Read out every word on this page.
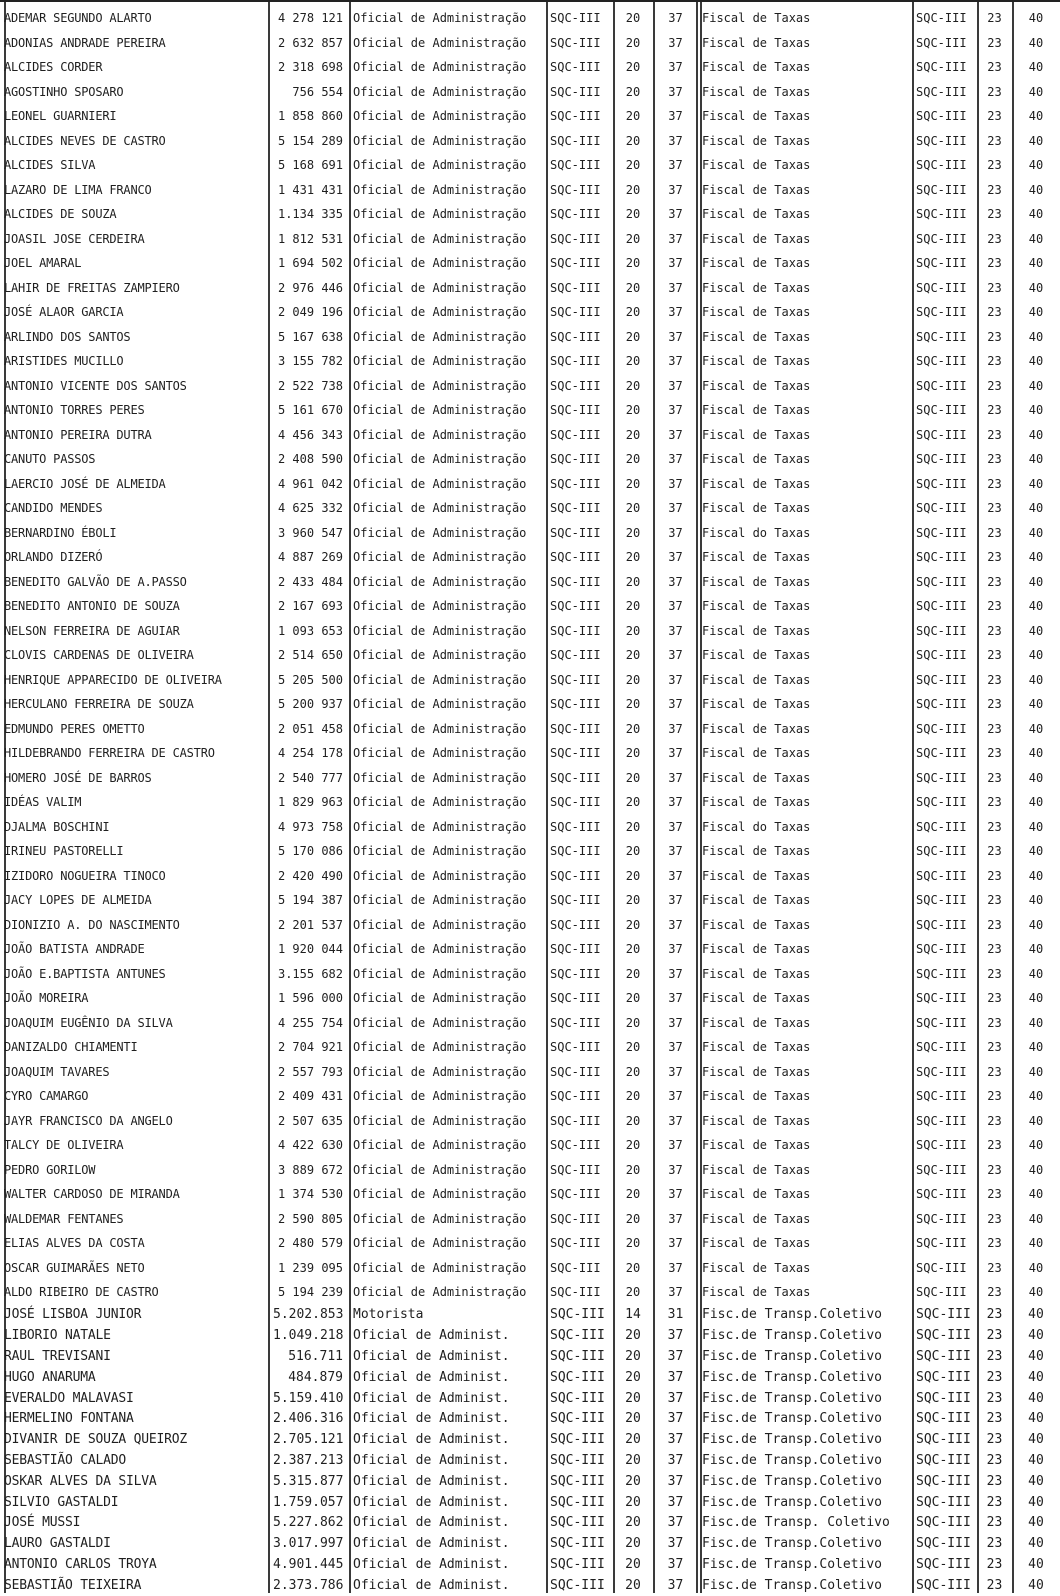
ADEMAR SEGUNDO ALARTO	4 278 121	Oficial de Administração	SQC-III	20	37	Fiscal de Taxas	SQC-III	23	40
ADONIAS ANDRADE PEREIRA	2 632 857	Oficial de Administração	SQC-III	20	37	Fiscal de Taxas	SQC-III	23	40
ALCIDES CORDER	2 318 698	Oficial de Administração	SQC-III	20	37	Fiscal de Taxas	SQC-III	23	40
AGOSTINHO SPOSARO	756 554	Oficial de Administração	SQC-III	20	37	Fiscal de Taxas	SQC-III	23	40
LEONEL GUARNIERI	1 858 860	Oficial de Administração	SQC-III	20	37	Fiscal de Taxas	SQC-III	23	40
ALCIDES NEVES DE CASTRO	5 154 289	Oficial de Administração	SQC-III	20	37	Fiscal de Taxas	SQC-III	23	40
ALCIDES SILVA	5 168 691	Oficial de Administração	SQC-III	20	37	Fiscal de Taxas	SQC-III	23	40
LAZARO DE LIMA FRANCO	1 431 431	Oficial de Administração	SQC-III	20	37	Fiscal de Taxas	SQC-III	23	40
ALCIDES DE SOUZA	1.134 335	Oficial de Administração	SQC-III	20	37	Fiscal de Taxas	SQC-III	23	40
JOASIL JOSE CERDEIRA	1 812 531	Oficial de Administração	SQC-III	20	37	Fiscal de Taxas	SQC-III	23	40
JOEL AMARAL	1 694 502	Oficial de Administração	SQC-III	20	37	Fiscal de Taxas	SQC-III	23	40
LAHIR DE FREITAS ZAMPIERO	2 976 446	Oficial de Administração	SQC-III	20	37	Fiscal de Taxas	SQC-III	23	40
JOSÉ ALAOR GARCIA	2 049 196	Oficial de Administração	SQC-III	20	37	Fiscal de Taxas	SQC-III	23	40
ARLINDO DOS SANTOS	5 167 638	Oficial de Administração	SQC-III	20	37	Fiscal de Taxas	SQC-III	23	40
ARISTIDES MUCILLO	3 155 782	Oficial de Administração	SQC-III	20	37	Fiscal de Taxas	SQC-III	23	40
ANTONIO VICENTE DOS SANTOS	2 522 738	Oficial de Administração	SQC-III	20	37	Fiscal de Taxas	SQC-III	23	40
ANTONIO TORRES PERES	5 161 670	Oficial de Administração	SQC-III	20	37	Fiscal de Taxas	SQC-III	23	40
ANTONIO PEREIRA DUTRA	4 456 343	Oficial de Administração	SQC-III	20	37	Fiscal de Taxas	SQC-III	23	40
CANUTO PASSOS	2 408 590	Oficial de Administração	SQC-III	20	37	Fiscal de Taxas	SQC-III	23	40
LAERCIO JOSÉ DE ALMEIDA	4 961 042	Oficial de Administração	SQC-III	20	37	Fiscal de Taxas	SQC-III	23	40
CANDIDO MENDES	4 625 332	Oficial de Administração	SQC-III	20	37	Fiscal de Taxas	SQC-III	23	40
BERNARDINO ÉBOLI	3 960 547	Oficial de Administração	SQC-III	20	37	Fiscal do Taxas	SQC-III	23	40
ORLANDO DIZERÓ	4 887 269	Oficial de Administração	SQC-III	20	37	Fiscal de Taxas	SQC-III	23	40
BENEDITO GALVÃO DE A.PASSO	2 433 484	Oficial de Administração	SQC-III	20	37	Fiscal de Taxas	SQC-III	23	40
BENEDITO ANTONIO DE SOUZA	2 167 693	Oficial de Administração	SQC-III	20	37	Fiscal de Taxas	SQC-III	23	40
NELSON FERREIRA DE AGUIAR	1 093 653	Oficial de Administração	SQC-III	20	37	Fiscal de Taxas	SQC-III	23	40
CLOVIS CARDENAS DE OLIVEIRA	2 514 650	Oficial de Administração	SQC-III	20	37	Fiscal de Taxas	SQC-III	23	40
HENRIQUE APPARECIDO DE OLIVEIRA	5 205 500	Oficial de Administração	SQC-III	20	37	Fiscal de Taxas	SQC-III	23	40
HERCULANO FERREIRA DE SOUZA	5 200 937	Oficial de Administração	SQC-III	20	37	Fiscal de Taxas	SQC-III	23	40
EDMUNDO PERES OMETTO	2 051 458	Oficial de Administração	SQC-III	20	37	Fiscal de Taxas	SQC-III	23	40
HILDEBRANDO FERREIRA DE CASTRO	4 254 178	Oficial de Administração	SQC-III	20	37	Fiscal de Taxas	SQC-III	23	40
HOMERO JOSÉ DE BARROS	2 540 777	Oficial de Administração	SQC-III	20	37	Fiscal de Taxas	SQC-III	23	40
IDÉAS VALIM	1 829 963	Oficial de Administração	SQC-III	20	37	Fiscal de Taxas	SQC-III	23	40
DJALMA BOSCHINI	4 973 758	Oficial de Administração	SQC-III	20	37	Fiscal do Taxas	SQC-III	23	40
IRINEU PASTORELLI	5 170 086	Oficial de Administração	SQC-III	20	37	Fiscal de Taxas	SQC-III	23	40
IZIDORO NOGUEIRA TINOCO	2 420 490	Oficial de Administração	SQC-III	20	37	Fiscal de Taxas	SQC-III	23	40
JACY LOPES DE ALMEIDA	5 194 387	Oficial de Administração	SQC-III	20	37	Fiscal de Taxas	SQC-III	23	40
DIONIZIO A. DO NASCIMENTO	2 201 537	Oficial de Administração	SQC-III	20	37	Fiscal de Taxas	SQC-III	23	40
JOÃO BATISTA ANDRADE	1 920 044	Oficial de Administração	SQC-III	20	37	Fiscal de Taxas	SQC-III	23	40
JOÃO E.BAPTISTA ANTUNES	3.155 682	Oficial de Administração	SQC-III	20	37	Fiscal de Taxas	SQC-III	23	40
JOÃO MOREIRA	1 596 000	Oficial de Administração	SQC-III	20	37	Fiscal de Taxas	SQC-III	23	40
JOAQUIM EUGÊNIO DA SILVA	4 255 754	Oficial de Administração	SQC-III	20	37	Fiscal de Taxas	SQC-III	23	40
DANIZALDO CHIAMENTI	2 704 921	Oficial de Administração	SQC-III	20	37	Fiscal de Taxas	SQC-III	23	40
JOAQUIM TAVARES	2 557 793	Oficial de Administração	SQC-III	20	37	Fiscal de Taxas	SQC-III	23	40
CYRO CAMARGO	2 409 431	Oficial de Administração	SQC-III	20	37	Fiscal de Taxas	SQC-III	23	40
JAYR FRANCISCO DA ANGELO	2 507 635	Oficial de Administração	SQC-III	20	37	Fiscal de Taxas	SQC-III	23	40
TALCY DE OLIVEIRA	4 422 630	Oficial de Administração	SQC-III	20	37	Fiscal de Taxas	SQC-III	23	40
PEDRO GORILOW	3 889 672	Oficial de Administração	SQC-III	20	37	Fiscal de Taxas	SQC-III	23	40
WALTER CARDOSO DE MIRANDA	1 374 530	Oficial de Administração	SQC-III	20	37	Fiscal de Taxas	SQC-III	23	40
WALDEMAR FENTANES	2 590 805	Oficial de Administração	SQC-III	20	37	Fiscal de Taxas	SQC-III	23	40
ELIAS ALVES DA COSTA	2 480 579	Oficial de Administração	SQC-III	20	37	Fiscal de Taxas	SQC-III	23	40
OSCAR GUIMARÃES NETO	1 239 095	Oficial de Administração	SQC-III	20	37	Fiscal de Taxas	SQC-III	23	40
ALDO RIBEIRO DE CASTRO	5 194 239	Oficial de Administração	SQC-III	20	37	Fiscal de Taxas	SQC-III	23	40
JOSÉ LISBOA JUNIOR	5.202.853	Motorista	SQC-III	14	31	Fisc.de Transp.Coletivo	SQC-III	23	40
LIBORIO NATALE	1.049.218	Oficial de Administ.	SQC-III	20	37	Fisc.de Transp.Coletivo	SQC-III	23	40
RAUL TREVISANI	516.711	Oficial de Administ.	SQC-III	20	37	Fisc.de Transp.Coletivo	SQC-III	23	40
HUGO ANARUMA	484.879	Oficial de Administ.	SQC-III	20	37	Fisc.de Transp.Coletivo	SQC-III	23	40
EVERALDO MALAVASI	5.159.410	Oficial de Administ.	SQC-III	20	37	Fisc.de Transp.Coletivo	SQC-III	23	40
HERMELINO FONTANA	2.406.316	Oficial de Administ.	SQC-III	20	37	Fisc.de Transp.Coletivo	SQC-III	23	40
DIVANIR DE SOUZA QUEIROZ	2.705.121	Oficial de Administ.	SQC-III	20	37	Fisc.de Transp.Coletivo	SQC-III	23	40
SEBASTIÃO CALADO	2.387.213	Oficial de Administ.	SQC-III	20	37	Fisc.de Transp.Coletivo	SQC-III	23	40
OSKAR ALVES DA SILVA	5.315.877	Oficial de Administ.	SQC-III	20	37	Fisc.de Transp.Coletivo	SQC-III	23	40
SILVIO GASTALDI	1.759.057	Oficial de Administ.	SQC-III	20	37	Fisc.de Transp.Coletivo	SQC-III	23	40
JOSÉ MUSSI	5.227.862	Oficial de Administ.	SQC-III	20	37	Fisc.de Transp. Coletivo	SQC-III	23	40
LAURO GASTALDI	3.017.997	Oficial de Administ.	SQC-III	20	37	Fisc.de Transp.Coletivo	SQC-III	23	40
ANTONIO CARLOS TROYA	4.901.445	Oficial de Administ.	SQC-III	20	37	Fisc.de Transp.Coletivo	SQC-III	23	40
SEBASTIÃO TEIXEIRA	2.373.786	Oficial de Administ.	SQC-III	20	37	Fisc.de Transp.Coletivo	SQC-III	23	40
